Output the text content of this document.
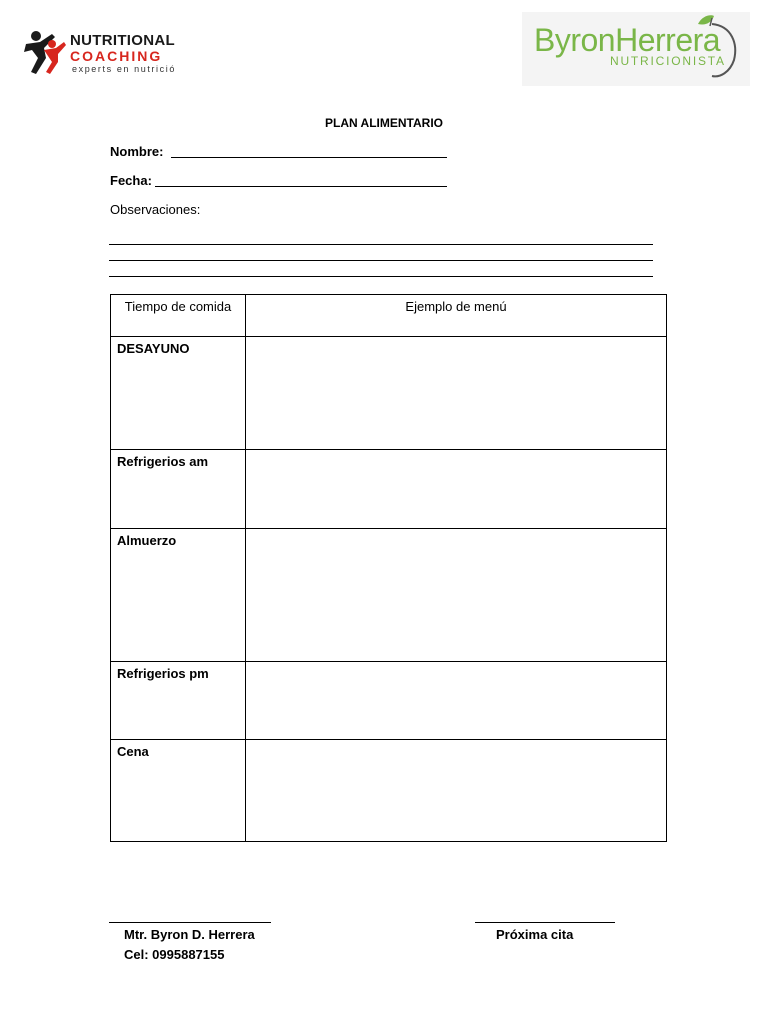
NUTRITIONAL
COACHING
experts en nutrició
ByronHerrera
NUTRICIONISTA
PLAN ALIMENTARIO
Nombre:
Fecha:
Observaciones:
Tiempo de comida	Ejemplo de menú
DESAYUNO	
Refrigerios am	
Almuerzo	
Refrigerios pm	
Cena	
Mtr. Byron D. Herrera
Cel: 0995887155
Próxima cita
